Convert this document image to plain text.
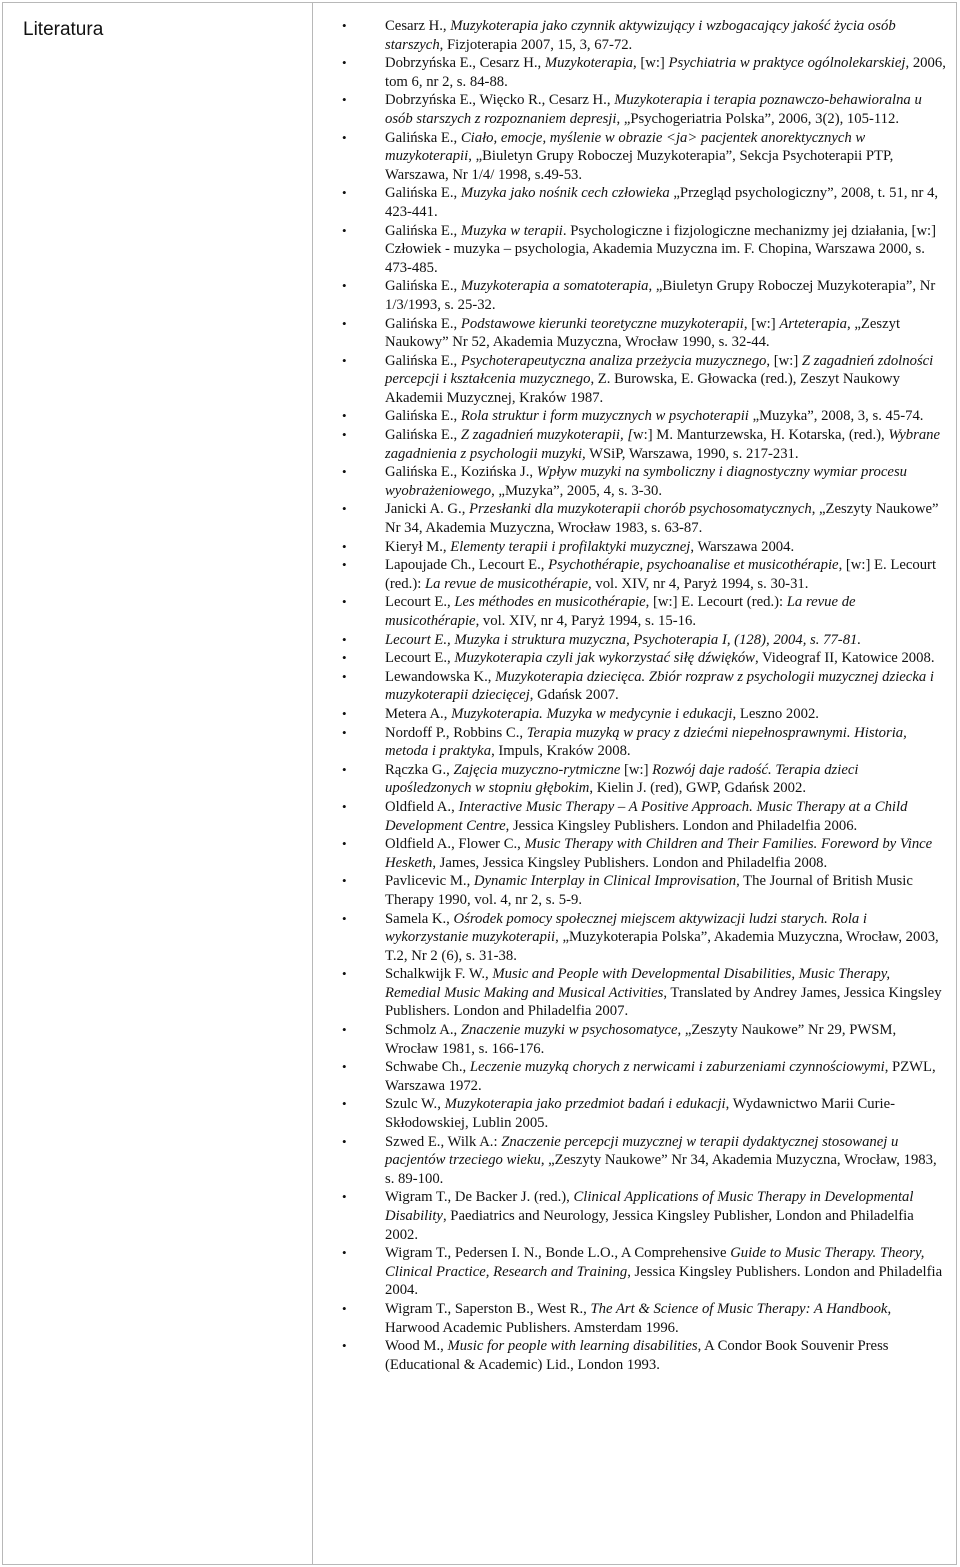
Literatura	•	Cesarz H., Muzykoterapia jako czynnik aktywizujący i wzbogacający jakość życia osób starszych, Fizjoterapia 2007, 15, 3, 67-72.
•	Dobrzyńska E., Cesarz H., Muzykoterapia, [w:] Psychiatria w praktyce ogólnolekarskiej, 2006, tom 6, nr 2, s. 84-88.
•	Dobrzyńska E., Więcko R., Cesarz H., Muzykoterapia i terapia poznawczo-behawioralna u osób starszych z rozpoznaniem depresji, „Psychogeriatria Polska”, 2006, 3(2), 105-112.
•	Galińska E., Ciało, emocje, myślenie w obrazie <ja> pacjentek anorektycznych w muzykoterapii, „Biuletyn Grupy Roboczej Muzykoterapia”, Sekcja Psychoterapii PTP, Warszawa, Nr 1/4/ 1998, s.49-53.
•	Galińska E., Muzyka jako nośnik cech człowieka „Przegląd psychologiczny”, 2008, t. 51, nr 4, 423-441.
•	Galińska E., Muzyka w terapii. Psychologiczne i fizjologiczne mechanizmy jej działania, [w:] Człowiek - muzyka – psychologia, Akademia Muzyczna im. F. Chopina, Warszawa 2000, s. 473-485.
•	Galińska E., Muzykoterapia a somatoterapia, „Biuletyn Grupy Roboczej Muzykoterapia”, Nr 1/3/1993, s. 25-32.
•	Galińska E., Podstawowe kierunki teoretyczne muzykoterapii, [w:] Arteterapia, „Zeszyt Naukowy” Nr 52, Akademia Muzyczna, Wrocław 1990, s. 32-44.
•	Galińska E., Psychoterapeutyczna analiza przeżycia muzycznego, [w:] Z zagadnień zdolności percepcji i kształcenia muzycznego, Z. Burowska, E. Głowacka (red.), Zeszyt Naukowy Akademii Muzycznej, Kraków 1987.
•	Galińska E., Rola struktur i form muzycznych w psychoterapii „Muzyka”, 2008, 3, s. 45-74.
•	Galińska E., Z zagadnień muzykoterapii, [w:] M. Manturzewska, H. Kotarska, (red.), Wybrane zagadnienia z psychologii muzyki, WSiP, Warszawa, 1990, s. 217-231.
•	Galińska E., Kozińska J., Wpływ muzyki na symboliczny i diagnostyczny wymiar procesu wyobrażeniowego, „Muzyka”, 2005, 4, s. 3-30.
•	Janicki A. G., Przesłanki dla muzykoterapii chorób psychosomatycznych, „Zeszyty Naukowe” Nr 34, Akademia Muzyczna, Wrocław 1983, s. 63-87.
•	Kierył M., Elementy terapii i profilaktyki muzycznej, Warszawa 2004.
•	Lapoujade Ch., Lecourt E., Psychothérapie, psychoanalise et musicothérapie, [w:] E. Lecourt (red.): La revue de musicothérapie, vol. XIV, nr 4, Paryż 1994, s. 30-31.
•	Lecourt E., Les méthodes en musicothérapie, [w:] E. Lecourt (red.): La revue de musicothérapie, vol. XIV, nr 4, Paryż 1994, s. 15-16.
•	Lecourt E., Muzyka i struktura muzyczna, Psychoterapia I, (128), 2004, s. 77-81.
•	Lecourt E., Muzykoterapia czyli jak wykorzystać siłę dźwięków, Videograf II, Katowice 2008.
•	Lewandowska K., Muzykoterapia dziecięca. Zbiór rozpraw z psychologii muzycznej dziecka i muzykoterapii dziecięcej, Gdańsk 2007.
•	Metera A., Muzykoterapia. Muzyka w medycynie i edukacji, Leszno 2002.
•	Nordoff P., Robbins C., Terapia muzyką w pracy z dziećmi niepełnosprawnymi. Historia, metoda i praktyka, Impuls, Kraków 2008.
•	Rączka G., Zajęcia muzyczno-rytmiczne [w:] Rozwój daje radość. Terapia dzieci upośledzonych w stopniu głębokim, Kielin J. (red), GWP, Gdańsk 2002.
•	Oldfield A., Interactive Music Therapy – A Positive Approach. Music Therapy at a Child Development Centre, Jessica Kingsley Publishers. London and Philadelfia 2006.
•	Oldfield A., Flower C., Music Therapy with Children and Their Families. Foreword by Vince Hesketh, James, Jessica Kingsley Publishers. London and Philadelfia 2008.
•	Pavlicevic M., Dynamic Interplay in Clinical Improvisation, The Journal of British Music Therapy 1990, vol. 4, nr 2, s. 5-9.
•	Samela K., Ośrodek pomocy społecznej miejscem aktywizacji ludzi starych. Rola i wykorzystanie muzykoterapii, „Muzykoterapia Polska”, Akademia Muzyczna, Wrocław, 2003, T.2, Nr 2 (6), s. 31-38.
•	Schalkwijk F. W., Music and People with Developmental Disabilities, Music Therapy, Remedial Music Making and Musical Activities, Translated by Andrey James, Jessica Kingsley Publishers. London and Philadelfia 2007.
•	Schmolz A., Znaczenie muzyki w psychosomatyce, „Zeszyty Naukowe” Nr 29, PWSM, Wrocław 1981, s. 166-176.
•	Schwabe Ch., Leczenie muzyką chorych z nerwicami i zaburzeniami czynnościowymi, PZWL, Warszawa 1972.
•	Szulc W., Muzykoterapia jako przedmiot badań i edukacji, Wydawnictwo Marii Curie-Skłodowskiej, Lublin 2005.
•	Szwed E., Wilk A.: Znaczenie percepcji muzycznej w terapii dydaktycznej stosowanej u pacjentów trzeciego wieku, „Zeszyty Naukowe” Nr 34, Akademia Muzyczna, Wrocław, 1983, s. 89-100.
•	Wigram T., De Backer J. (red.), Clinical Applications of Music Therapy in Developmental Disability, Paediatrics and Neurology, Jessica Kingsley Publisher, London and Philadelfia 2002.
•	Wigram T., Pedersen I. N., Bonde L.O., A Comprehensive Guide to Music Therapy. Theory, Clinical Practice, Research and Training, Jessica Kingsley Publishers. London and Philadelfia 2004.
•	Wigram T., Saperston B., West R., The Art & Science of Music Therapy: A Handbook, Harwood Academic Publishers. Amsterdam 1996.
•	Wood M., Music for people with learning disabilities, A Condor Book Souvenir Press (Educational & Academic) Lid., London 1993.
